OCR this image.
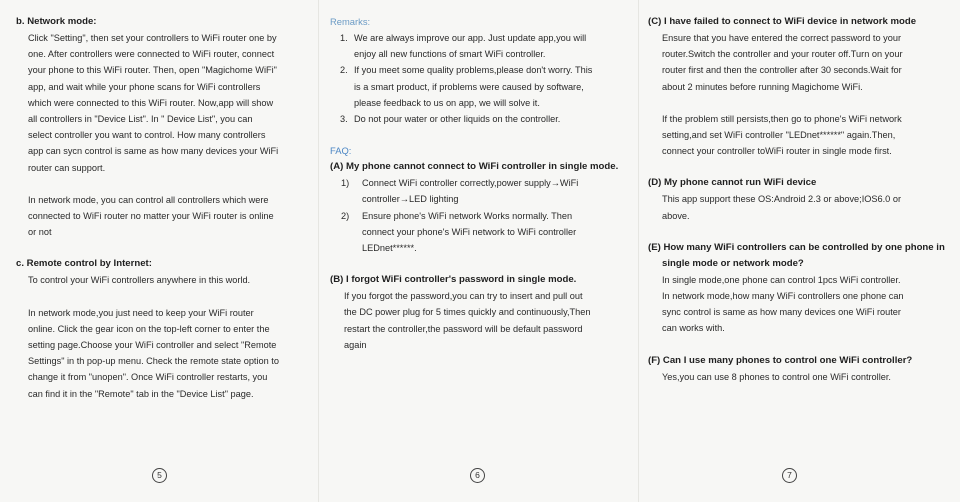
b. Network mode:

Click "Setting", then set your controllers to WiFi router one by

one. After controllers were connected to WiFi router, connect

your phone to this WiFi router. Then, open "Magichome WiFi"

app, and wait while your phone scans for WiFi controllers

which were connected to this WiFi router. Now,app will show

all controllers in "Device List". In " Device List", you can

select controller you want to control. How many controllers

app can sycn control is same as how many devices your WiFi

router can support.

In network mode, you can control all controllers which were

connected to WiFi router no matter your WiFi router is online

or not

c. Remote control by Internet:

To control your WiFi controllers anywhere in this world.

In network mode,you just need to keep your WiFi router

online. Click the gear icon on the top-left corner to enter the

setting page.Choose your WiFi controller and select "Remote

Settings" in th pop-up menu. Check the remote state option to

change it from "unopen". Once WiFi controller restarts, you

can find it in the "Remote" tab in the "Device List" page.

5
Remarks:
1. We are always improve our app. Just update app,you will
enjoy all new functions of smart WiFi controller.
2. If you meet some quality problems,please don't worry. This
is a smart product, if problems were caused by software,
please feedback to us on app, we will solve it.
3. Do not pour water or other liquids on the controller.
FAQ:
(A) My phone cannot connect to WiFi controller in single mode.
1)	Connect WiFi controller correctly,power supply→WiFi
controller→LED lighting
2)	Ensure phone's WiFi network Works normally. Then
connect your phone's WiFi network to WiFi controller
LEDnet******.
(B) I forgot WiFi controller's password in single mode.

If you forgot the password,you can try to insert and pull out

the DC power plug for 5 times quickly and continuously,Then

restart the controller,the password will be default password

again

6
(C) I have failed to connect to WiFi device in network mode

Ensure that you have entered the correct password to your

router.Switch the controller and your router off.Turn on your

router first and then the controller after 30 seconds.Wait for

about 2 minutes before running Magichome WiFi.

If the problem still persists,then go to phone's WiFi network

setting,and set WiFi controller "LEDnet******" again.Then,

connect your controller toWiFi router in single mode first.

(D) My phone cannot run WiFi device

This app support these OS:Android 2.3 or above;IOS6.0 or

above.

(E) How many WiFi controllers can be controlled by one phone in
single mode or network mode?

In single mode,one phone can control 1pcs WiFi controller.

In network mode,how many WiFi controllers one phone can

sync control is same as how many devices one WiFi router

can works with.

(F) Can I use many phones to control one WiFi controller?

Yes,you can use 8 phones to control one WiFi controller.

7
